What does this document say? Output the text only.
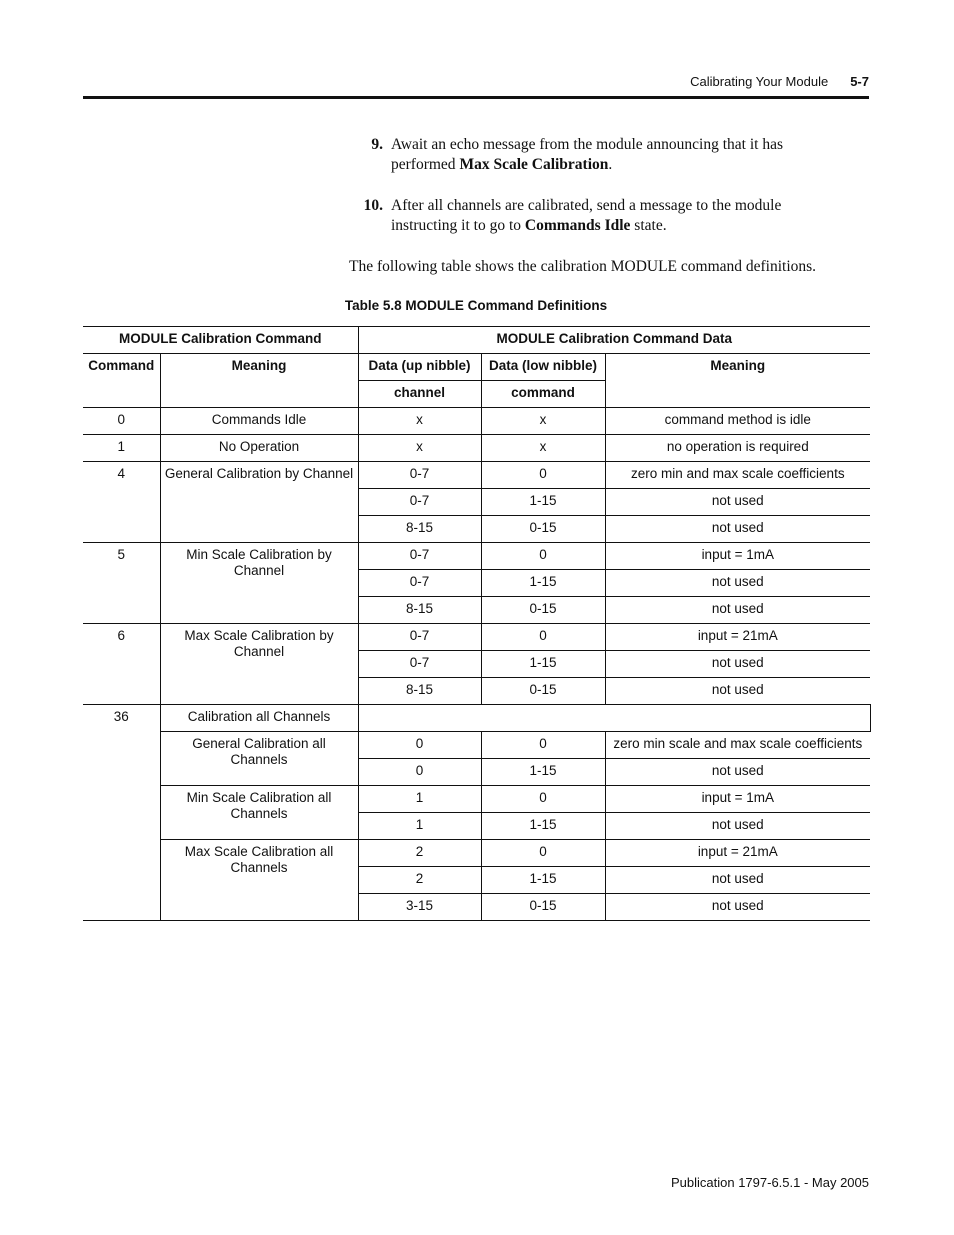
Calibrating Your Module 5-7
9. Await an echo message from the module announcing that it has performed Max Scale Calibration.
10. After all channels are calibrated, send a message to the module instructing it to go to Commands Idle state.
The following table shows the calibration MODULE command definitions.
Table 5.8 MODULE Command Definitions
MODULE Calibration Command		MODULE Calibration Command Data		
Command	Meaning	Data (up nibble)	Data (low nibble)	Meaning
		channel	command	
0	Commands Idle	x	x	command method is idle
1	No Operation	x	x	no operation is required
4	General Calibration by Channel	0-7	0	zero min and max scale coefficients
		0-7	1-15	not used
		8-15	0-15	not used
5	Min Scale Calibration by Channel	0-7	0	input = 1mA
		0-7	1-15	not used
		8-15	0-15	not used
6	Max Scale Calibration by Channel	0-7	0	input = 21mA
		0-7	1-15	not used
		8-15	0-15	not used
36	Calibration all Channels			
	General Calibration all Channels	0	0	zero min scale and max scale coefficients
		0	1-15	not used
	Min Scale Calibration all Channels	1	0	input = 1mA
		1	1-15	not used
	Max Scale Calibration all Channels	2	0	input = 21mA
		2	1-15	not used
		3-15	0-15	not used
Publication 1797-6.5.1 - May 2005
